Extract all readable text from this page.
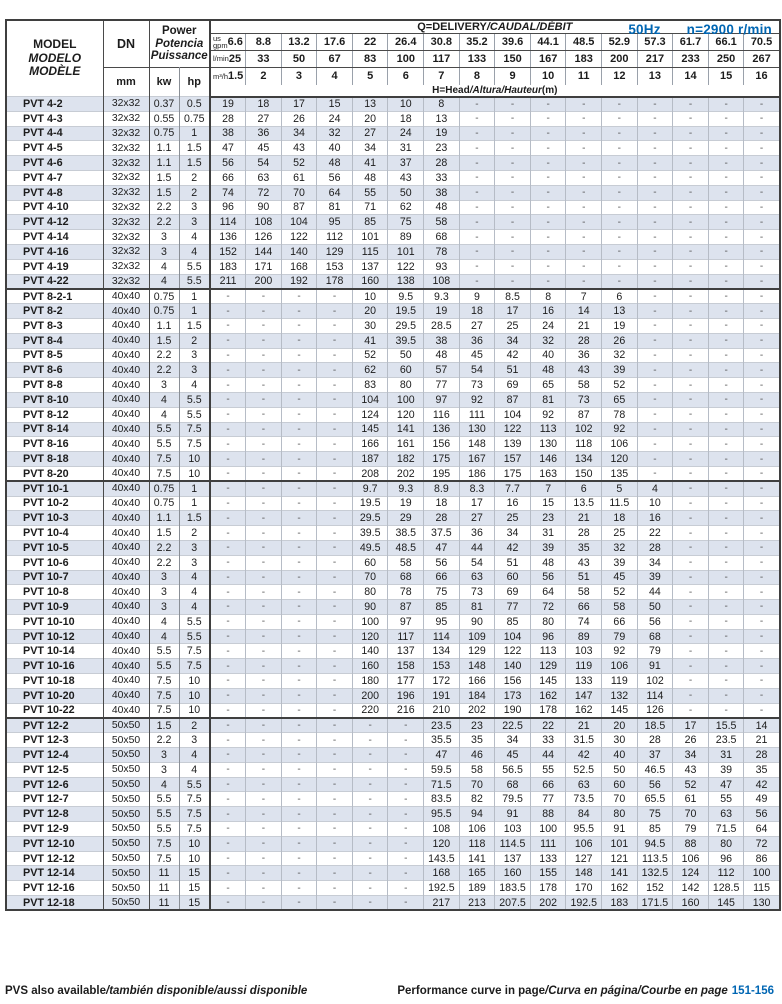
50Hz n=2900 r/min
MODEL
MODELO
MODÈLE
	DN	
Power
Potencia
Puissance
	Q=DELIVERY/CAUDAL/DÉBIT

				us
gpm 6.6	8.8	13.2	17.6	22	26.4	30.8	35.2	39.6	44.1	48.5	52.9	57.3	61.7	66.1	70.5

				l/min 25	33	50	67	83	100	117	133	150	167	183	200	217	233	250	267
	mm	kw	hp	m³/h 1.5	2	3	4	5	6	7	8	9	10	11	12	13	14	15	16
				H=Head/Altura/Hauteur(m)															
PVT 4-2	32x32	0.37	0.5	19	18	17	15	13	10	8	-	-	-	-	-	-	-	-	-
PVT 4-3	32x32	0.55	0.75	28	27	26	24	20	18	13	-	-	-	-	-	-	-	-	-
PVT 4-4	32x32	0.75	1	38	36	34	32	27	24	19	-	-	-	-	-	-	-	-	-
PVT 4-5	32x32	1.1	1.5	47	45	43	40	34	31	23	-	-	-	-	-	-	-	-	-
PVT 4-6	32x32	1.1	1.5	56	54	52	48	41	37	28	-	-	-	-	-	-	-	-	-
PVT 4-7	32x32	1.5	2	66	63	61	56	48	43	33	-	-	-	-	-	-	-	-	-
PVT 4-8	32x32	1.5	2	74	72	70	64	55	50	38	-	-	-	-	-	-	-	-	-
PVT 4-10	32x32	2.2	3	96	90	87	81	71	62	48	-	-	-	-	-	-	-	-	-
PVT 4-12	32x32	2.2	3	114	108	104	95	85	75	58	-	-	-	-	-	-	-	-	-
PVT 4-14	32x32	3	4	136	126	122	112	101	89	68	-	-	-	-	-	-	-	-	-
PVT 4-16	32x32	3	4	152	144	140	129	115	101	78	-	-	-	-	-	-	-	-	-
PVT 4-19	32x32	4	5.5	183	171	168	153	137	122	93	-	-	-	-	-	-	-	-	-
PVT 4-22	32x32	4	5.5	211	200	192	178	160	138	108	-	-	-	-	-	-	-	-	-
PVT 8-2-1	40x40	0.75	1	-	-	-	-	10	9.5	9.3	9	8.5	8	7	6	-	-	-	-
PVT 8-2	40x40	0.75	1	-	-	-	-	20	19.5	19	18	17	16	14	13	-	-	-	-
PVT 8-3	40x40	1.1	1.5	-	-	-	-	30	29.5	28.5	27	25	24	21	19	-	-	-	-
PVT 8-4	40x40	1.5	2	-	-	-	-	41	39.5	38	36	34	32	28	26	-	-	-	-
PVT 8-5	40x40	2.2	3	-	-	-	-	52	50	48	45	42	40	36	32	-	-	-	-
PVT 8-6	40x40	2.2	3	-	-	-	-	62	60	57	54	51	48	43	39	-	-	-	-
PVT 8-8	40x40	3	4	-	-	-	-	83	80	77	73	69	65	58	52	-	-	-	-
PVT 8-10	40x40	4	5.5	-	-	-	-	104	100	97	92	87	81	73	65	-	-	-	-
PVT 8-12	40x40	4	5.5	-	-	-	-	124	120	116	111	104	92	87	78	-	-	-	-
PVT 8-14	40x40	5.5	7.5	-	-	-	-	145	141	136	130	122	113	102	92	-	-	-	-
PVT 8-16	40x40	5.5	7.5	-	-	-	-	166	161	156	148	139	130	118	106	-	-	-	-
PVT 8-18	40x40	7.5	10	-	-	-	-	187	182	175	167	157	146	134	120	-	-	-	-
PVT 8-20	40x40	7.5	10	-	-	-	-	208	202	195	186	175	163	150	135	-	-	-	-
PVT 10-1	40x40	0.75	1	-	-	-	-	9.7	9.3	8.9	8.3	7.7	7	6	5	4	-	-	-
PVT 10-2	40x40	0.75	1	-	-	-	-	19.5	19	18	17	16	15	13.5	11.5	10	-	-	-
PVT 10-3	40x40	1.1	1.5	-	-	-	-	29.5	29	28	27	25	23	21	18	16	-	-	-
PVT 10-4	40x40	1.5	2	-	-	-	-	39.5	38.5	37.5	36	34	31	28	25	22	-	-	-
PVT 10-5	40x40	2.2	3	-	-	-	-	49.5	48.5	47	44	42	39	35	32	28	-	-	-
PVT 10-6	40x40	2.2	3	-	-	-	-	60	58	56	54	51	48	43	39	34	-	-	-
PVT 10-7	40x40	3	4	-	-	-	-	70	68	66	63	60	56	51	45	39	-	-	-
PVT 10-8	40x40	3	4	-	-	-	-	80	78	75	73	69	64	58	52	44	-	-	-
PVT 10-9	40x40	3	4	-	-	-	-	90	87	85	81	77	72	66	58	50	-	-	-
PVT 10-10	40x40	4	5.5	-	-	-	-	100	97	95	90	85	80	74	66	56	-	-	-
PVT 10-12	40x40	4	5.5	-	-	-	-	120	117	114	109	104	96	89	79	68	-	-	-
PVT 10-14	40x40	5.5	7.5	-	-	-	-	140	137	134	129	122	113	103	92	79	-	-	-
PVT 10-16	40x40	5.5	7.5	-	-	-	-	160	158	153	148	140	129	119	106	91	-	-	-
PVT 10-18	40x40	7.5	10	-	-	-	-	180	177	172	166	156	145	133	119	102	-	-	-
PVT 10-20	40x40	7.5	10	-	-	-	-	200	196	191	184	173	162	147	132	114	-	-	-
PVT 10-22	40x40	7.5	10	-	-	-	-	220	216	210	202	190	178	162	145	126	-	-	-
PVT 12-2	50x50	1.5	2	-	-	-	-	-	-	23.5	23	22.5	22	21	20	18.5	17	15.5	14
PVT 12-3	50x50	2.2	3	-	-	-	-	-	-	35.5	35	34	33	31.5	30	28	26	23.5	21
PVT 12-4	50x50	3	4	-	-	-	-	-	-	47	46	45	44	42	40	37	34	31	28
PVT 12-5	50x50	3	4	-	-	-	-	-	-	59.5	58	56.5	55	52.5	50	46.5	43	39	35
PVT 12-6	50x50	4	5.5	-	-	-	-	-	-	71.5	70	68	66	63	60	56	52	47	42
PVT 12-7	50x50	5.5	7.5	-	-	-	-	-	-	83.5	82	79.5	77	73.5	70	65.5	61	55	49
PVT 12-8	50x50	5.5	7.5	-	-	-	-	-	-	95.5	94	91	88	84	80	75	70	63	56
PVT 12-9	50x50	5.5	7.5	-	-	-	-	-	-	108	106	103	100	95.5	91	85	79	71.5	64
PVT 12-10	50x50	7.5	10	-	-	-	-	-	-	120	118	114.5	111	106	101	94.5	88	80	72
PVT 12-12	50x50	7.5	10	-	-	-	-	-	-	143.5	141	137	133	127	121	113.5	106	96	86
PVT 12-14	50x50	11	15	-	-	-	-	-	-	168	165	160	155	148	141	132.5	124	112	100
PVT 12-16	50x50	11	15	-	-	-	-	-	-	192.5	189	183.5	178	170	162	152	142	128.5	115
PVT 12-18	50x50	11	15	-	-	-	-	-	-	217	213	207.5	202	192.5	183	171.5	160	145	130
PVS also available/también disponible/aussi disponible	Performance curve in page/Curva en página/Courbe en page 151-156
